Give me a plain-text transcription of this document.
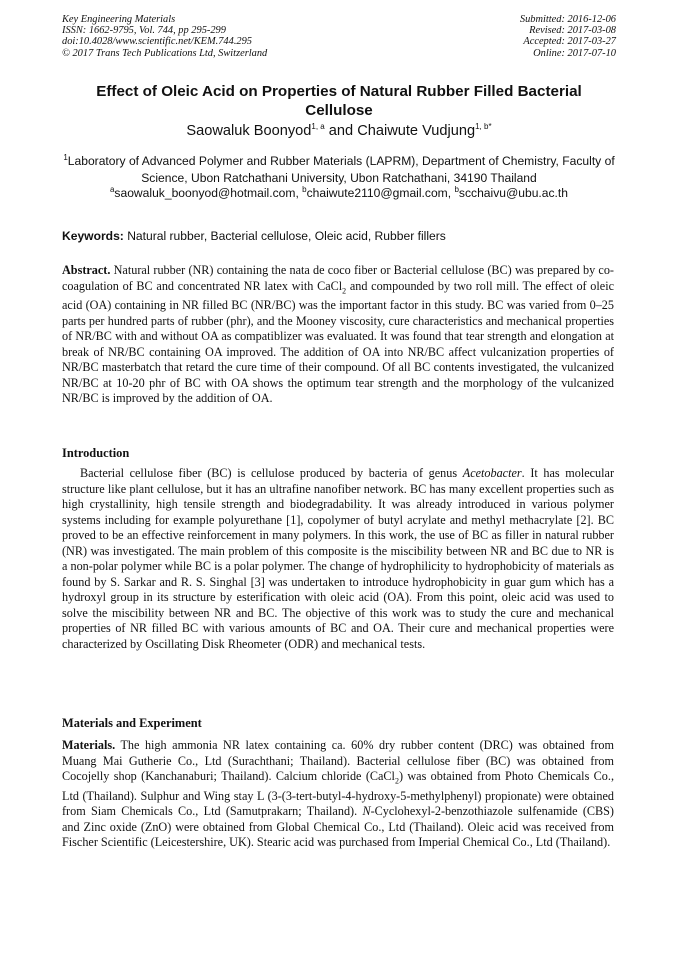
Key Engineering Materials
ISSN: 1662-9795, Vol. 744, pp 295-299
doi:10.4028/www.scientific.net/KEM.744.295
© 2017 Trans Tech Publications Ltd, Switzerland
Submitted: 2016-12-06
Revised: 2017-03-08
Accepted: 2017-03-27
Online: 2017-07-10
Effect of Oleic Acid on Properties of Natural Rubber Filled Bacterial Cellulose
Saowaluk Boonyod$^{1, a}$ and Chaiwute Vudjung$^{1, b*}$
$^1$Laboratory of Advanced Polymer and Rubber Materials (LAPRM), Department of Chemistry, Faculty of Science, Ubon Ratchathani University, Ubon Ratchathani, 34190 Thailand
$^a$saowaluk_boonyod@hotmail.com, $^b$chaiwute2110@gmail.com, $^b$scchaivu@ubu.ac.th
Keywords: Natural rubber, Bacterial cellulose, Oleic acid, Rubber fillers
Abstract. Natural rubber (NR) containing the nata de coco fiber or Bacterial cellulose (BC) was prepared by co-coagulation of BC and concentrated NR latex with CaCl$_2$ and compounded by two roll mill. The effect of oleic acid (OA) containing in NR filled BC (NR/BC) was the important factor in this study. BC was varied from 0–25 parts per hundred parts of rubber (phr), and the Mooney viscosity, cure characteristics and mechanical properties of NR/BC with and without OA as compatiblizer was evaluated. It was found that tear strength and elongation at break of NR/BC containing OA improved. The addition of OA into NR/BC affect vulcanization properties of NR/BC masterbatch that retard the cure time of their compound. Of all BC contents investigated, the vulcanized NR/BC at 10-20 phr of BC with OA shows the optimum tear strength and the morphology of the vulcanized NR/BC is improved by the addition of OA.
Introduction
Bacterial cellulose fiber (BC) is cellulose produced by bacteria of genus Acetobacter. It has molecular structure like plant cellulose, but it has an ultrafine nanofiber network. BC has many excellent properties such as high crystallinity, high tensile strength and biodegradability. It was already introduced in various polymer systems including for example polyurethane [1], copolymer of butyl acrylate and methyl methacrylate [2]. BC proved to be an effective reinforcement in many polymers. In this work, the use of BC as filler in natural rubber (NR) was investigated. The main problem of this composite is the miscibility between NR and BC due to NR is a non-polar polymer while BC is a polar polymer. The change of hydrophilicity to hydrophobicity of materials as found by S. Sarkar and R. S. Singhal [3] was undertaken to introduce hydrophobicity in guar gum which has a hydroxyl group in its structure by esterification with oleic acid (OA). From this point, oleic acid was used to solve the miscibility between NR and BC. The objective of this work was to study the cure and mechanical properties of NR filled BC with various amounts of BC and OA. Their cure and mechanical properties were characterized by Oscillating Disk Rheometer (ODR) and mechanical tests.
Materials and Experiment
Materials. The high ammonia NR latex containing ca. 60% dry rubber content (DRC) was obtained from Muang Mai Gutherie Co., Ltd (Surachthani; Thailand). Bacterial cellulose fiber (BC) was obtained from Cocojelly shop (Kanchanaburi; Thailand). Calcium chloride (CaCl$_2$) was obtained from Photo Chemicals Co., Ltd (Thailand). Sulphur and Wing stay L (3-(3-tert-butyl-4-hydroxy-5-methylphenyl) propionate) were obtained from Siam Chemicals Co., Ltd (Samutprakarn; Thailand). N-Cyclohexyl-2-benzothiazole sulfenamide (CBS) and Zinc oxide (ZnO) were obtained from Global Chemical Co., Ltd (Thailand). Oleic acid was received from Fischer Scientific (Leicestershire, UK). Stearic acid was purchased from Imperial Chemical Co., Ltd (Thailand).
